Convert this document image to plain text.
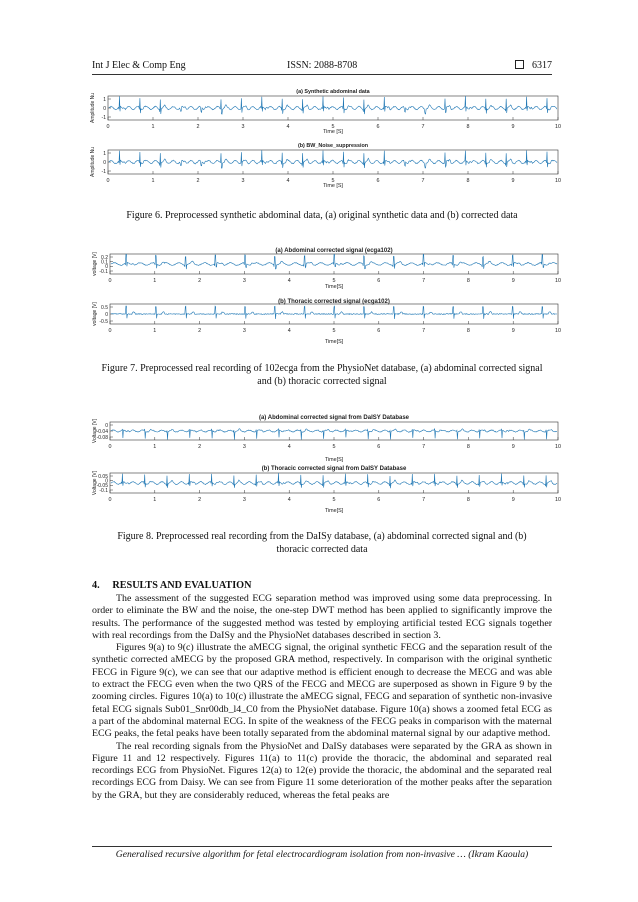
Int J Elec & Comp Eng	ISSN: 2088-8708	6317
(a) Synthetic abdominal data
1
0
-1
Amplitude Nu
0	1	2	3	4	5	6	7	8	9	10
Time [S]
(b) BW_Noise_suppression
1
0
-1
Amplitude Nu
0	1	2	3	4	5	6	7	8	9	10
Time [S]
Figure 6. Preprocessed synthetic abdominal data, (a) original synthetic data and (b) corrected data
(a) Abdominal corrected signal (ecga102)
0.2
0.1
0
-0.1
voltage [V]
0	1	2	3	4	5	6	7	8	9	10
Time[S]
(b) Thoracic corrected signal (ecga102)
0.5
0
-0.5
voltage [V]
0	1	2	3	4	5	6	7	8	9	10
Time[S]
Figure 7. Preprocessed real recording of 102ecga from the PhysioNet database, (a) abdominal corrected signal and (b) thoracic corrected signal
(a) Abdominal corrected signal from DaISY Database
0
-0.04
-0.08
Voltage [V]
0	1	2	3	4	5	6	7	8	9	10
Time[S]
(b) Thoracic corrected signal from DaISY Database
0.05
0
-0.05
-0.1
Voltage [V]
0	1	2	3	4	5	6	7	8	9	10
Time[S]
Figure 8. Preprocessed real recording from the DaISy database, (a) abdominal corrected signal and (b) thoracic corrected data
4. RESULTS AND EVALUATION

The assessment of the suggested ECG separation method was improved using some data preprocessing. In order to eliminate the BW and the noise, the one-step DWT method has been applied to significantly improve the results. The performance of the suggested method was tested by employing artificial tested ECG signals together with real recordings from the DaISy and the PhysioNet databases described in section 3.

Figures 9(a) to 9(c) illustrate the aMECG signal, the original synthetic FECG and the separation result of the synthetic corrected aMECG by the proposed GRA method, respectively. In comparison with the original synthetic FECG in Figure 9(c), we can see that our adaptive method is efficient enough to decrease the MECG and was able to extract the FECG even when the two QRS of the FECG and MECG are superposed as shown in Figure 9 by the zooming circles. Figures 10(a) to 10(c) illustrate the aMECG signal, FECG and separation of synthetic non-invasive fetal ECG signals Sub01_Snr00db_l4_C0 from the PhysioNet database. Figure 10(a) shows a zoomed fetal ECG as a part of the abdominal maternal ECG. In spite of the weakness of the FECG peaks in comparison with the maternal ECG peaks, the fetal peaks have been totally separated from the abdominal maternal signal by our adaptive method.

The real recording signals from the PhysioNet and DaISy databases were separated by the GRA as shown in Figure 11 and 12 respectively. Figures 11(a) to 11(c) provide the thoracic, the abdominal and separated real recordings ECG from PhysioNet. Figures 12(a) to 12(e) provide the thoracic, the abdominal and the separated real recordings ECG from Daisy. We can see from Figure 11 some deterioration of the mother peaks after the separation by the GRA, but they are considerably reduced, whereas the fetal peaks are

Generalised recursive algorithm for fetal electrocardiogram isolation from non-invasive … (Ikram Kaoula)
